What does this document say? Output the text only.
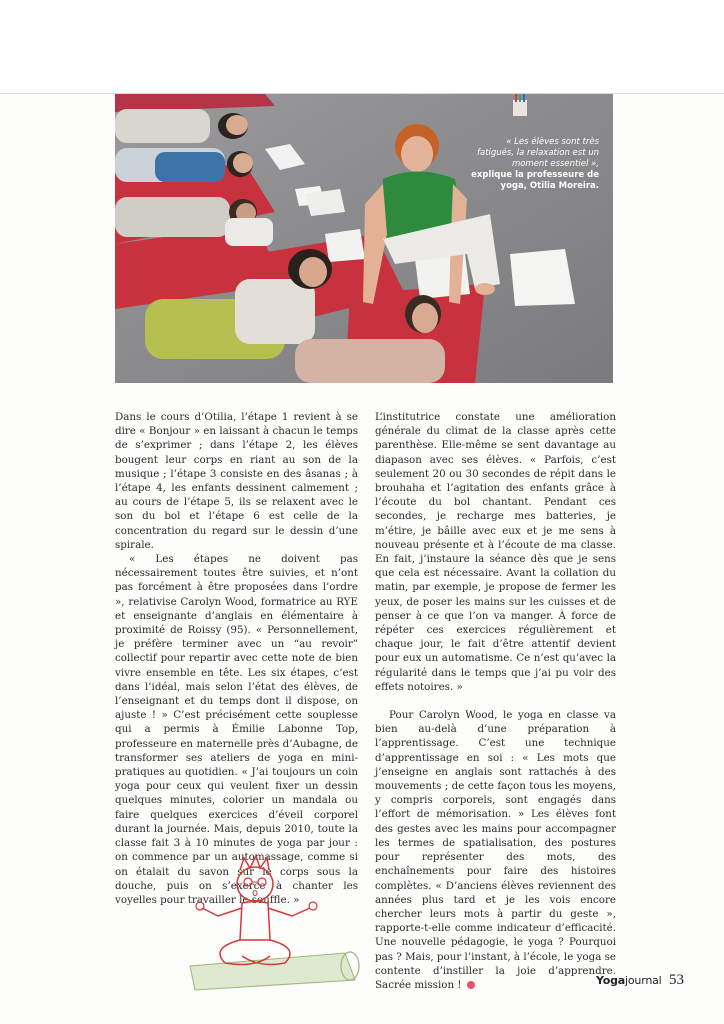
« Les élèves sont très fatigués, la relaxation est un moment essentiel »,
explique la professeure de yoga, Otilia Moreira.

Dans le cours d’Otilia, l’étape 1 revient à se dire « Bonjour » en laissant à chacun le temps de s’exprimer ; dans l’étape 2, les élèves bougent leur corps en riant au son de la musique ; l’étape 3 consiste en des âsanas ; à l’étape 4, les enfants dessinent calmement ; au cours de l’étape 5, ils se relaxent avec le son du bol et l’étape 6 est celle de la concentration du regard sur le dessin d’une spirale.

« Les étapes ne doivent pas nécessairement toutes être suivies, et n’ont pas forcément à être proposées dans l’ordre », relativise Carolyn Wood, formatrice au RYE et enseignante d’anglais en élémentaire à proximité de Roissy (95). « Personnellement, je préfère terminer avec un “au revoir” collectif pour repartir avec cette note de bien vivre ensemble en tête. Les six étapes, c’est dans l’idéal, mais selon l’état des élèves, de l’enseignant et du temps dont il dispose, on ajuste ! » C’est précisément cette souplesse qui a permis à Émilie Labonne Top, professeure en maternelle près d’Aubagne, de transformer ses ateliers de yoga en mini-pratiques au quotidien. « J’ai toujours un coin yoga pour ceux qui veulent fixer un dessin quelques minutes, colorier un mandala ou faire quelques exercices d’éveil corporel durant la journée. Mais, depuis 2010, toute la classe fait 3 à 10 minutes de yoga par jour : on commence par un automassage, comme si on étalait du savon sur le corps sous la douche, puis on s’exerce à chanter les voyelles pour travailler le souffle. »

L’institutrice constate une amélioration générale du climat de la classe après cette parenthèse. Elle-même se sent davantage au diapason avec ses élèves. « Parfois, c’est seulement 20 ou 30 secondes de répit dans le brouhaha et l’agitation des enfants grâce à l’écoute du bol chantant. Pendant ces secondes, je recharge mes batteries, je m’étire, je bâille avec eux et je me sens à nouveau présente et à l’écoute de ma classe. En fait, j’instaure la séance dès que je sens que cela est nécessaire. Avant la collation du matin, par exemple, je propose de fermer les yeux, de poser les mains sur les cuisses et de penser à ce que l’on va manger. À force de répéter ces exercices régulièrement et chaque jour, le fait d’être attentif devient pour eux un automatisme. Ce n’est qu’avec la régularité dans le temps que j’ai pu voir des effets notoires. »

Pour Carolyn Wood, le yoga en classe va bien au-delà d’une préparation à l’apprentissage. C’est une technique d’apprentissage en soi : « Les mots que j’enseigne en anglais sont rattachés à des mouvements ; de cette façon tous les moyens, y compris corporels, sont engagés dans l’effort de mémorisation. » Les élèves font des gestes avec les mains pour accompagner les termes de spatialisation, des postures pour représenter des mots, des enchaînements pour faire des histoires complètes. « D’anciens élèves reviennent des années plus tard et je les vois encore chercher leurs mots à partir du geste », rapporte-t-elle comme indicateur d’efficacité. Une nouvelle pédagogie, le yoga ? Pourquoi pas ? Mais, pour l’instant, à l’école, le yoga se contente d’instiller la joie d’apprendre. Sacrée mission !	Yogajournal 53
